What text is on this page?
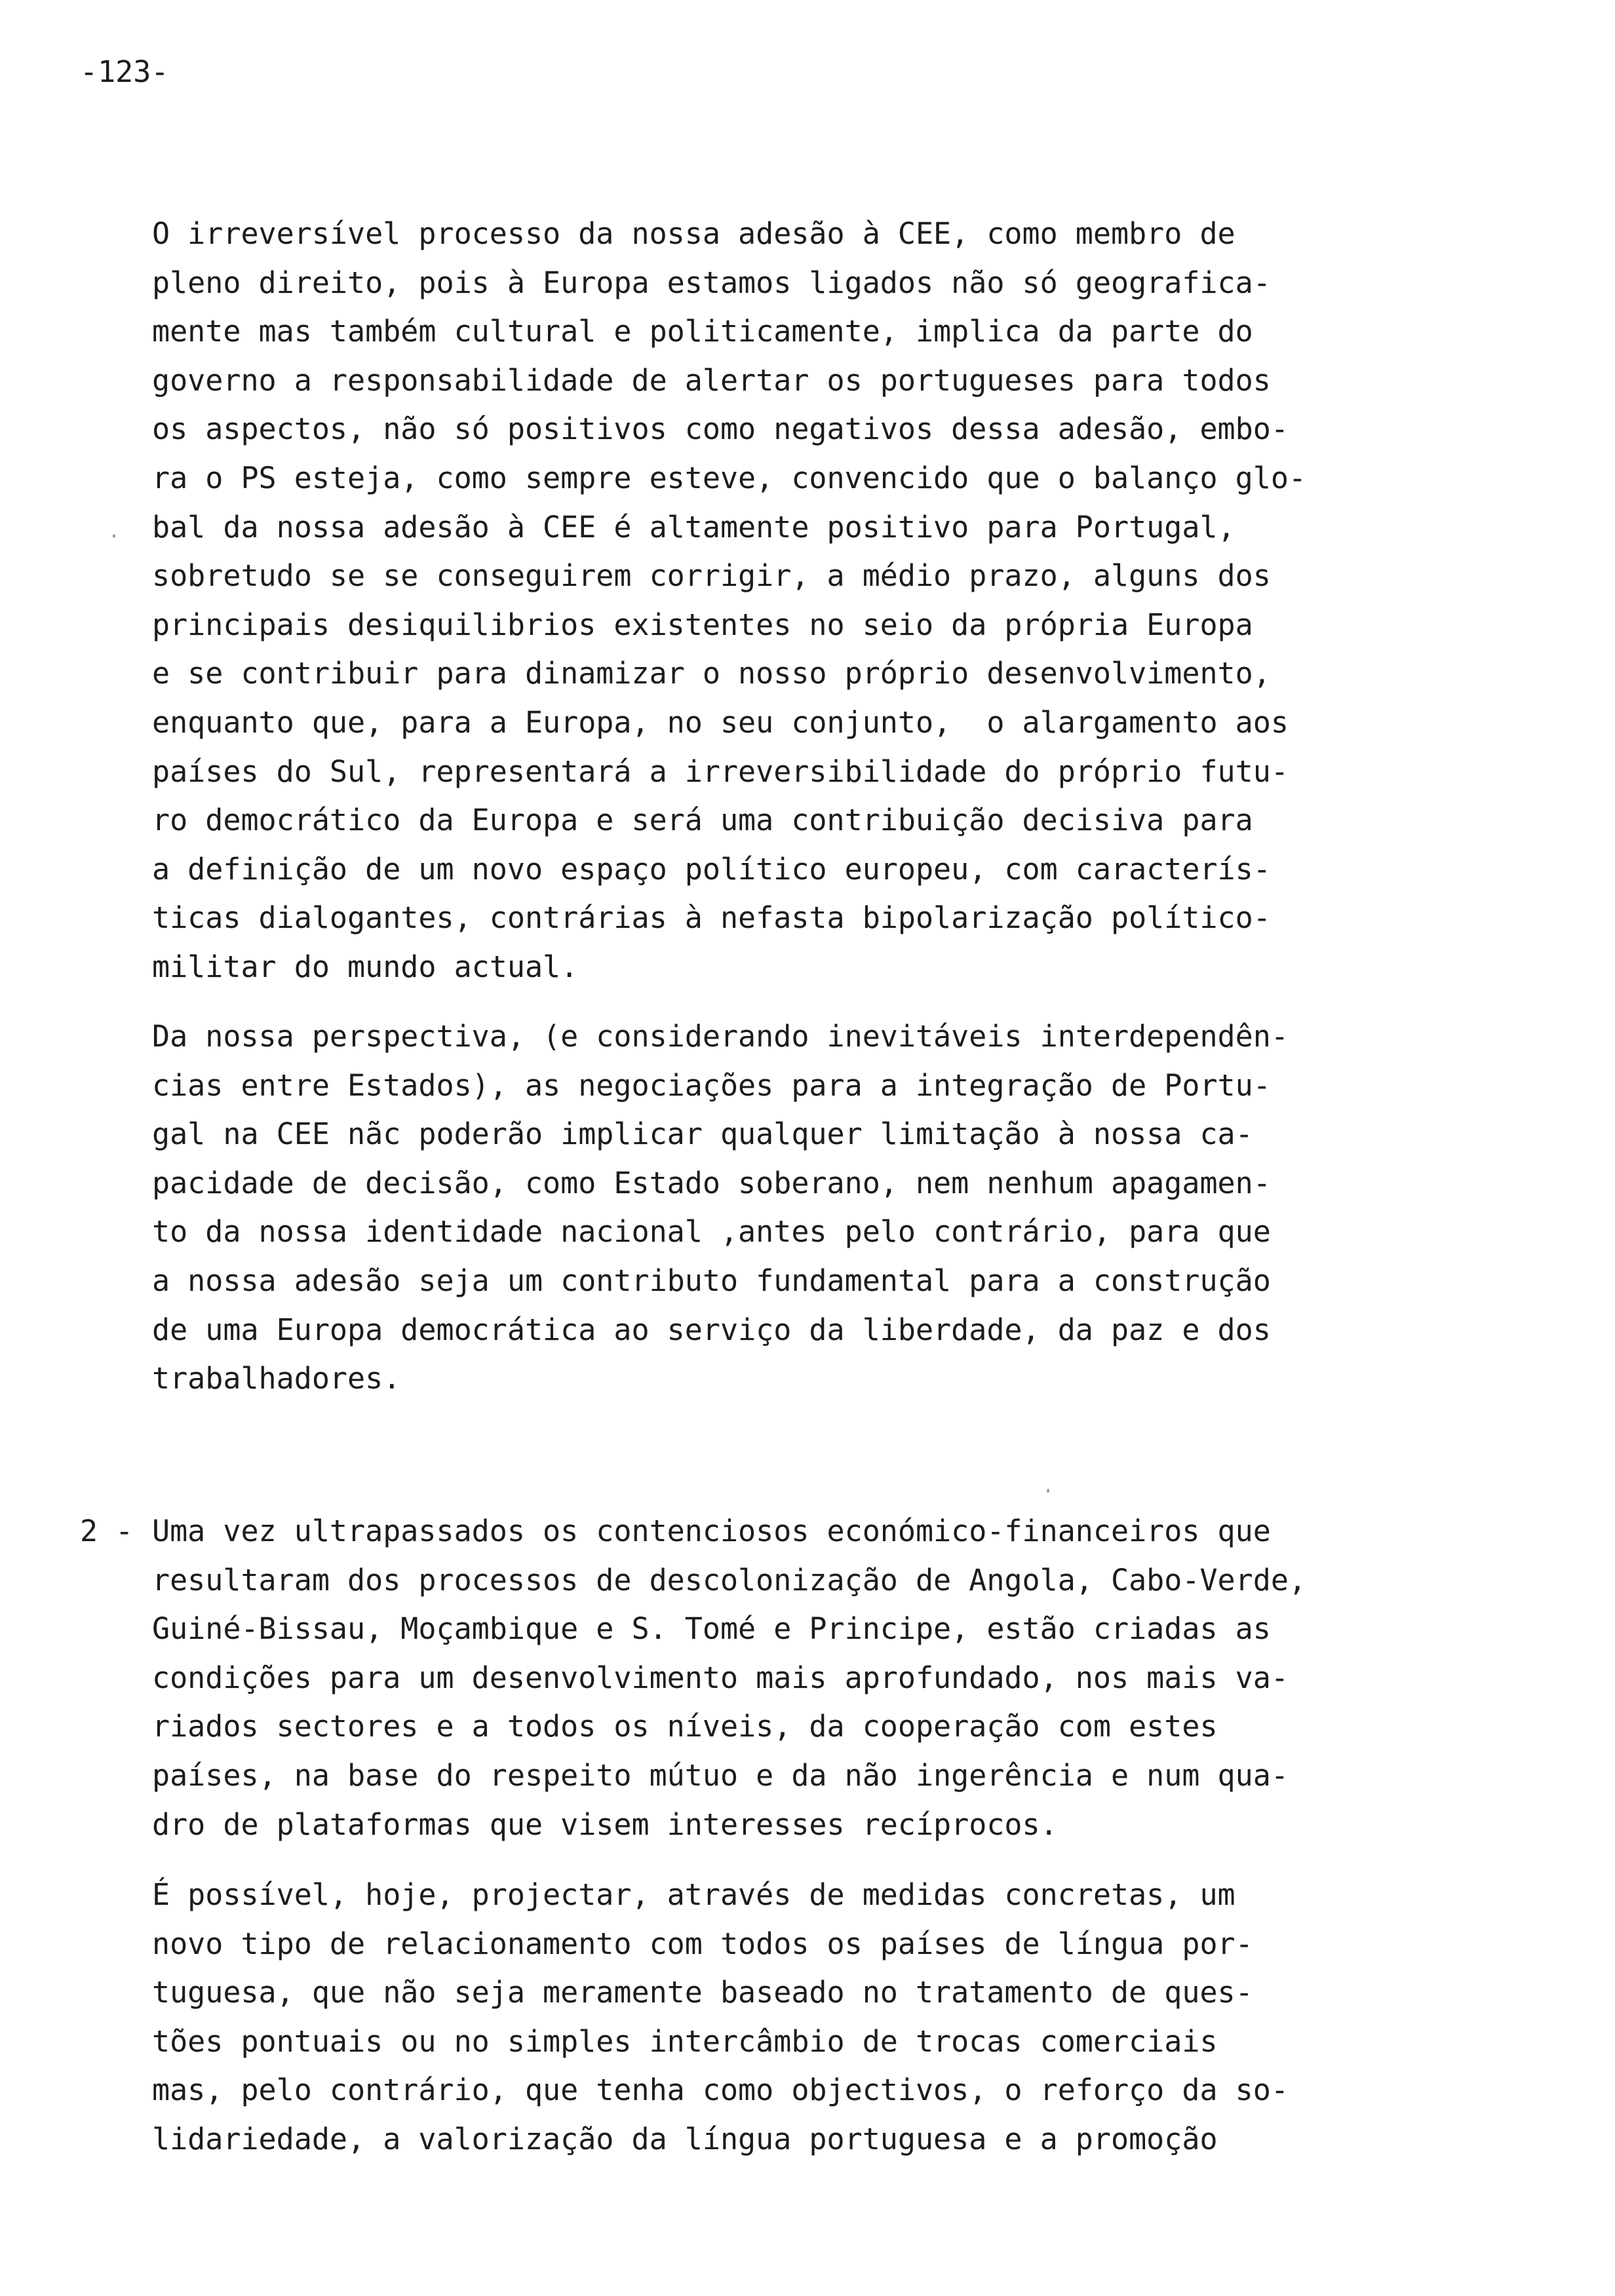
-123-
O irreversível processo da nossa adesão à CEE, como membro de
pleno direito, pois à Europa estamos ligados não só geografica-
mente mas também cultural e politicamente, implica da parte do
governo a responsabilidade de alertar os portugueses para todos
os aspectos, não só positivos como negativos dessa adesão, embo-
ra o PS esteja, como sempre esteve, convencido que o balanço glo-
bal da nossa adesão à CEE é altamente positivo para Portugal,
sobretudo se se conseguirem corrigir, a médio prazo, alguns dos
principais desiquilibrios existentes no seio da própria Europa
e se contribuir para dinamizar o nosso próprio desenvolvimento,
enquanto que, para a Europa, no seu conjunto,  o alargamento aos
países do Sul, representará a irreversibilidade do próprio futu-
ro democrático da Europa e será uma contribuição decisiva para
a definição de um novo espaço político europeu, com caracterís-
ticas dialogantes, contrárias à nefasta bipolarização político-
militar do mundo actual.
Da nossa perspectiva, (e considerando inevitáveis interdependên-
cias entre Estados), as negociações para a integração de Portu-
gal na CEE nãc poderão implicar qualquer limitação à nossa ca-
pacidade de decisão, como Estado soberano, nem nenhum apagamen-
to da nossa identidade nacional ,antes pelo contrário, para que
a nossa adesão seja um contributo fundamental para a construção
de uma Europa democrática ao serviço da liberdade, da paz e dos
trabalhadores.
2 - Uma vez ultrapassados os contenciosos económico-financeiros que
resultaram dos processos de descolonização de Angola, Cabo-Verde,
Guiné-Bissau, Moçambique e S. Tomé e Principe, estão criadas as
condições para um desenvolvimento mais aprofundado, nos mais va-
riados sectores e a todos os níveis, da cooperação com estes
países, na base do respeito mútuo e da não ingerência e num qua-
dro de plataformas que visem interesses recíprocos.
É possível, hoje, projectar, através de medidas concretas, um
novo tipo de relacionamento com todos os países de língua por-
tuguesa, que não seja meramente baseado no tratamento de ques-
tões pontuais ou no simples intercâmbio de trocas comerciais
mas, pelo contrário, que tenha como objectivos, o reforço da so-
lidariedade, a valorização da língua portuguesa e a promoção
